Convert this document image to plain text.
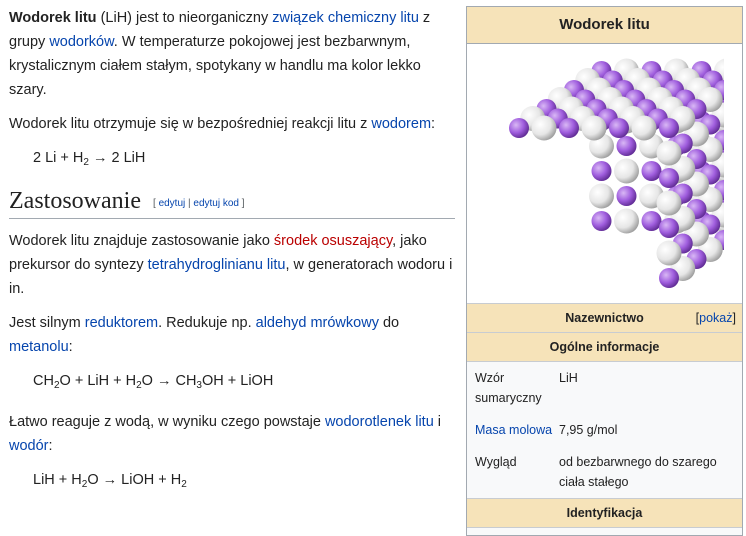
Wodorek litu (LiH) jest to nieorganiczny związek chemiczny litu z grupy wodorków. W temperaturze pokojowej jest bezbarwnym, krystalicznym ciałem stałym, spotykany w handlu ma kolor lekko szary.

Wodorek litu otrzymuje się w bezpośredniej reakcji litu z wodorem:

2 $Li + H_2 \to 2$ LiH
Zastosowanie [ edytuj | edytuj kod ]

Wodorek litu znajduje zastosowanie jako środek osuszający, jako prekursor do syntezy tetrahydroglinianu litu, w generatorach wodoru i in.

Jest silnym reduktorem. Redukuje np. aldehyd mrówkowy do metanolu:

$CH_2O$ + LiH + $H_2O \to CH_3OH$ + LiOH

Łatwo reaguje z wodą, w wyniku czego powstaje wodorotlenek litu i wodór:

LiH + $H_2O$ → LiOH + $H_2$
Wodorek litu
Nazewnictwo	[pokaż]
Ogólne informacje
Wzór sumaryczny
LiH
Masa molowa 7,95 g/mol
Wygląd	od bezbarwnego do szarego ciała stałego
Identyfikacja
